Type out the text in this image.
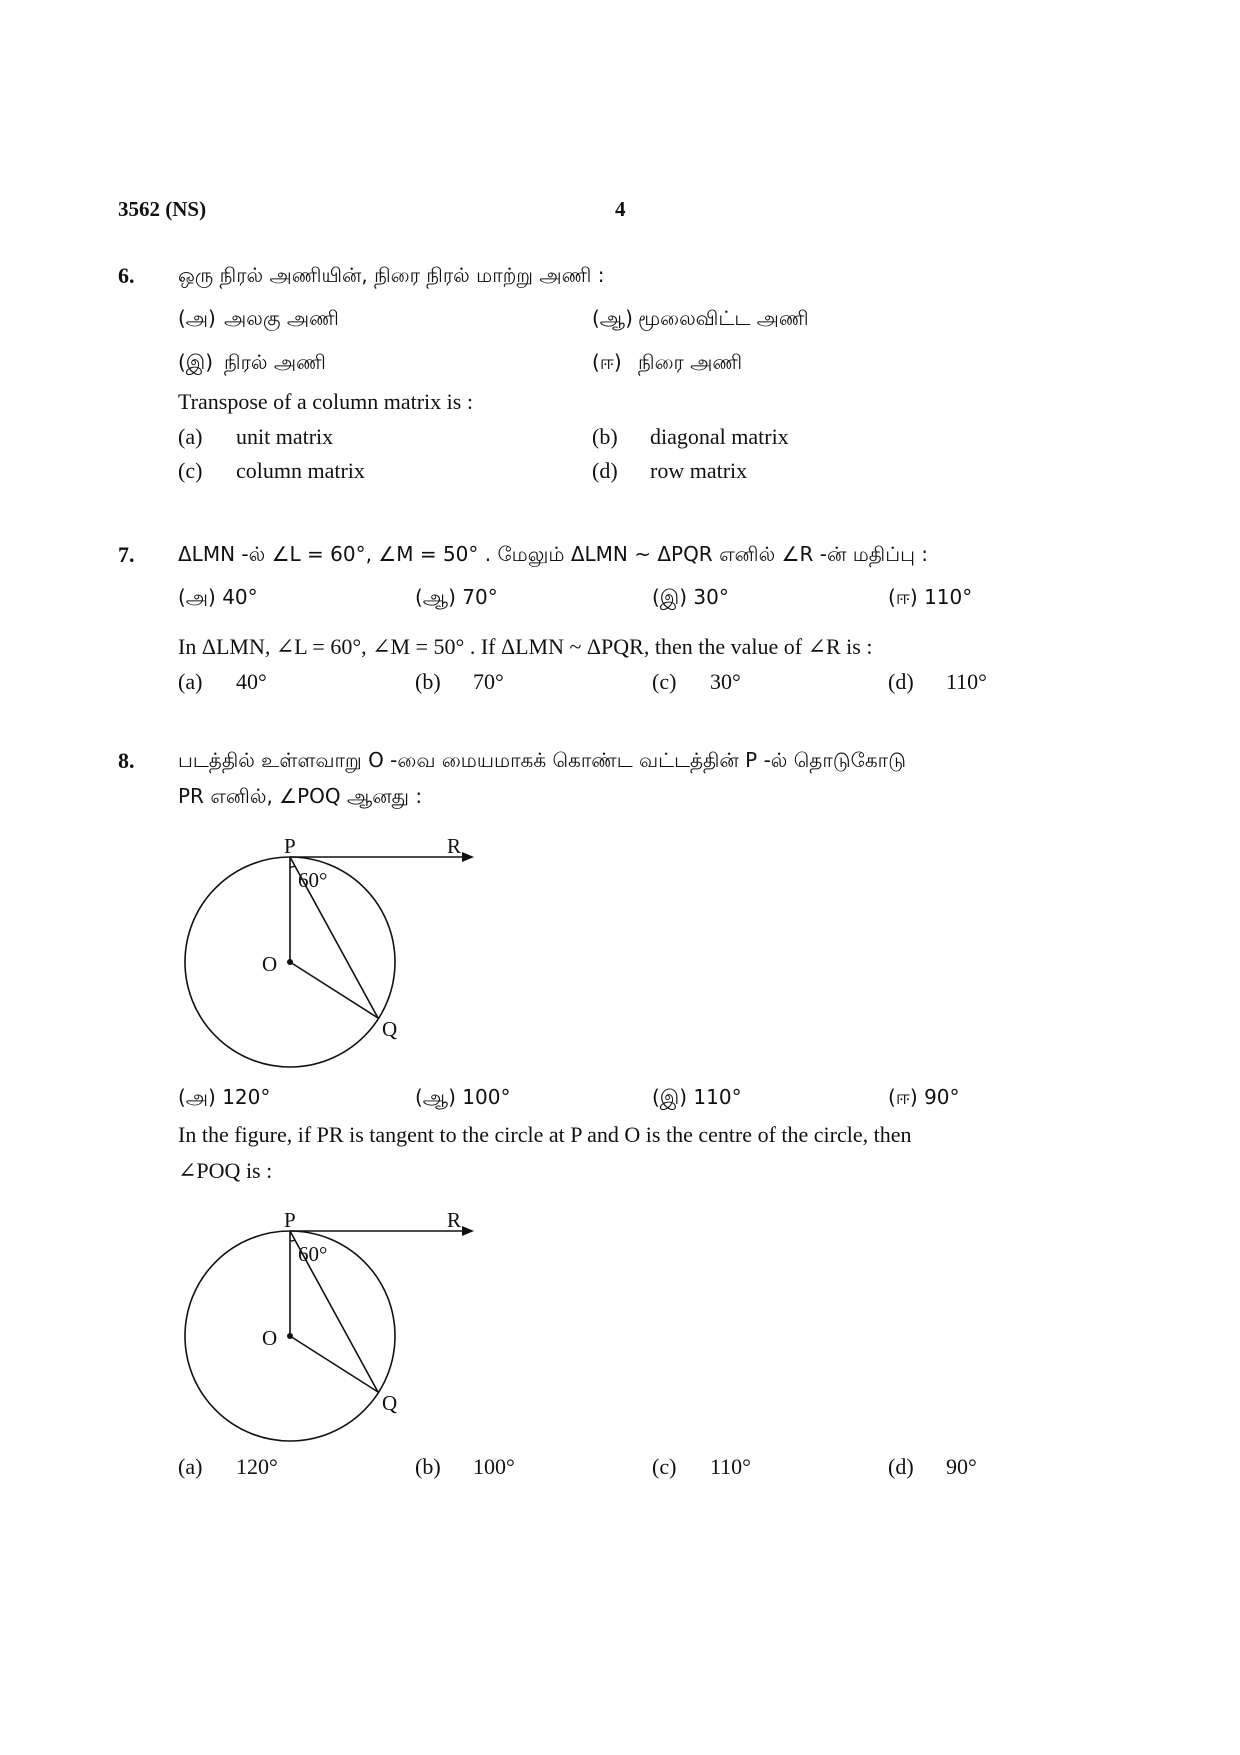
3562 (NS)	4
6. ஒரு நிரல் அணியின், நிரை நிரல் மாற்று அணி :
(அ) அலகு அணி	(ஆ) மூலைவிட்ட அணி
(இ) நிரல் அணி	(ஈ) நிரை அணி
Transpose of a column matrix is :
(a) unit matrix	(b) diagonal matrix
(c) column matrix	(d) row matrix
7. ΔLMN -ல் ∠L = 60°, ∠M = 50° . மேலும் ΔLMN ~ ΔPQR எனில் ∠R -ன் மதிப்பு :
(அ) 40°	(ஆ) 70°	(இ) 30°	(ஈ) 110°
In ΔLMN, ∠L = 60°, ∠M = 50° . If ΔLMN ~ ΔPQR, then the value of ∠R is :
(a) 40°	(b) 70°	(c) 30°	(d) 110°
8. படத்தில் உள்ளவாறு O -வை மையமாகக் கொண்ட வட்டத்தின் P -ல் தொடுகோடு
PR எனில், ∠POQ ஆனது :
P	R
O
Q
60°
(அ) 120°	(ஆ) 100°	(இ) 110°	(ஈ) 90°
In the figure, if PR is tangent to the circle at P and O is the centre of the circle, then
∠POQ is :
P	R
O
Q
60°
(a) 120°	(b) 100°	(c) 110°	(d) 90°
